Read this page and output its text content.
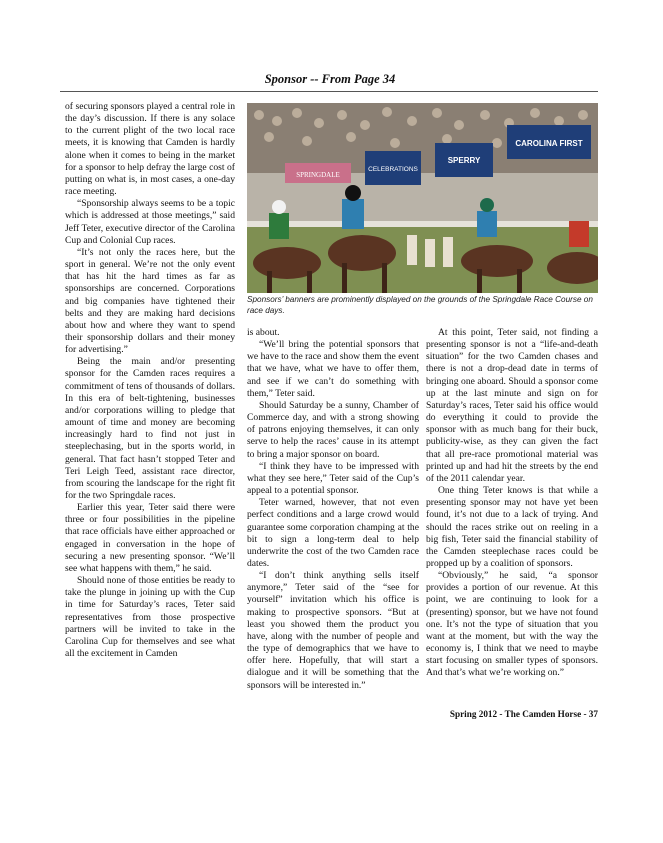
Sponsor -- From Page 34

of securing sponsors played a central role in the day’s discussion. If there is any solace to the current plight of the two local race meets, it is knowing that Camden is hardly alone when it comes to being in the market for a sponsor to help defray the large cost of putting on what is, in most cases, a one-day race meeting.

“Sponsorship always seems to be a topic which is addressed at those meetings,” said Jeff Teter, executive director of the Carolina Cup and Colonial Cup races.

“It’s not only the races here, but the sport in general. We’re not the only event that has hit the hard times as far as sponsorships are concerned. Corporations and big companies have tightened their belts and they are making hard decisions about how and where they want to spend their sponsorship dollars and their money for advertising.”

Being the main and/or presenting sponsor for the Camden races requires a commitment of tens of thousands of dollars. In this era of belt-tightening, businesses and/or corporations willing to pledge that amount of time and money are becoming increasingly hard to find not just in steeplechasing, but in the sports world, in general. That fact hasn’t stopped Teter and Teri Leigh Teed, assistant race director, from scouring the landscape for the right fit for the two Springdale races.

Earlier this year, Teter said there were three or four possibilities in the pipeline that race officials have either approached or engaged in conversation in the hope of securing a new presenting sponsor. “We’ll see what happens with them,” he said.

Should none of those entities be ready to take the plunge in joining up with the Cup in time for Saturday’s races, Teter said representatives from those prospective partners will be invited to take in the Carolina Cup for themselves and see what all the excitement in Camden

SPRINGDALE
CELEBRATIONS
SPERRY
CAROLINA FIRST
Sponsors’ banners are prominently displayed on the grounds of the Springdale Race Course on race days.

is about.

“We’ll bring the potential sponsors that we have to the race and show them the event that we have, what we have to offer them, and see if we can’t do something with them,” Teter said.

Should Saturday be a sunny, Chamber of Commerce day, and with a strong showing of patrons enjoying themselves, it can only serve to help the races’ cause in its attempt to bring a major sponsor on board.

“I think they have to be impressed with what they see here,” Teter said of the Cup’s appeal to a potential sponsor.

Teter warned, however, that not even perfect conditions and a large crowd would guarantee some corporation champing at the bit to sign a long-term deal to help underwrite the cost of the two Camden race dates.

“I don’t think anything sells itself anymore,” Teter said of the “see for yourself” invitation which his office is making to prospective sponsors. “But at least you showed them the product you have, along with the number of people and the type of demographics that we have to offer here. Hopefully, that will start a dialogue and it will be something that the sponsors will be interested in.”

At this point, Teter said, not finding a presenting sponsor is not a “life-and-death situation” for the two Camden chases and there is not a drop-dead date in terms of bringing one aboard. Should a sponsor come up at the last minute and sign on for Saturday’s races, Teter said his office would do everything it could to provide the sponsor with as much bang for their buck, publicity-wise, as they can given the fact that all pre-race promotional material was printed up and had hit the streets by the end of the 2011 calendar year.

One thing Teter knows is that while a presenting sponsor may not have yet been found, it’s not due to a lack of trying. And should the races strike out on reeling in a big fish, Teter said the financial stability of the Camden steeplechase races could be propped up by a coalition of sponsors.

“Obviously,” he said, “a sponsor provides a portion of our revenue. At this point, we are continuing to look for a (presenting) sponsor, but we have not found one. It’s not the type of situation that you want at the moment, but with the way the economy is, I think that we need to maybe start focusing on smaller types of sponsors. And that’s what we’re working on.”

Spring 2012 - The Camden Horse - 37
